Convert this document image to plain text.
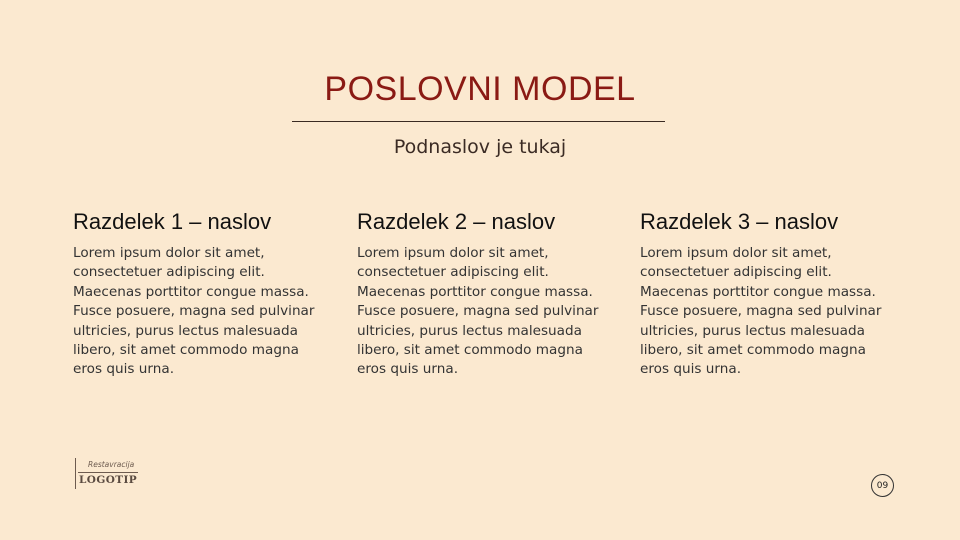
POSLOVNI MODEL
Podnaslov je tukaj

Razdelek 1 – naslov

Lorem ipsum dolor sit amet, consectetuer adipiscing elit. Maecenas porttitor congue massa. Fusce posuere, magna sed pulvinar ultricies, purus lectus malesuada libero, sit amet commodo magna eros quis urna.

Razdelek 2 – naslov

Lorem ipsum dolor sit amet, consectetuer adipiscing elit. Maecenas porttitor congue massa. Fusce posuere, magna sed pulvinar ultricies, purus lectus malesuada libero, sit amet commodo magna eros quis urna.

Razdelek 3 – naslov

Lorem ipsum dolor sit amet, consectetuer adipiscing elit. Maecenas porttitor congue massa. Fusce posuere, magna sed pulvinar ultricies, purus lectus malesuada libero, sit amet commodo magna eros quis urna.

Restavracija
LOGOTIP	09
